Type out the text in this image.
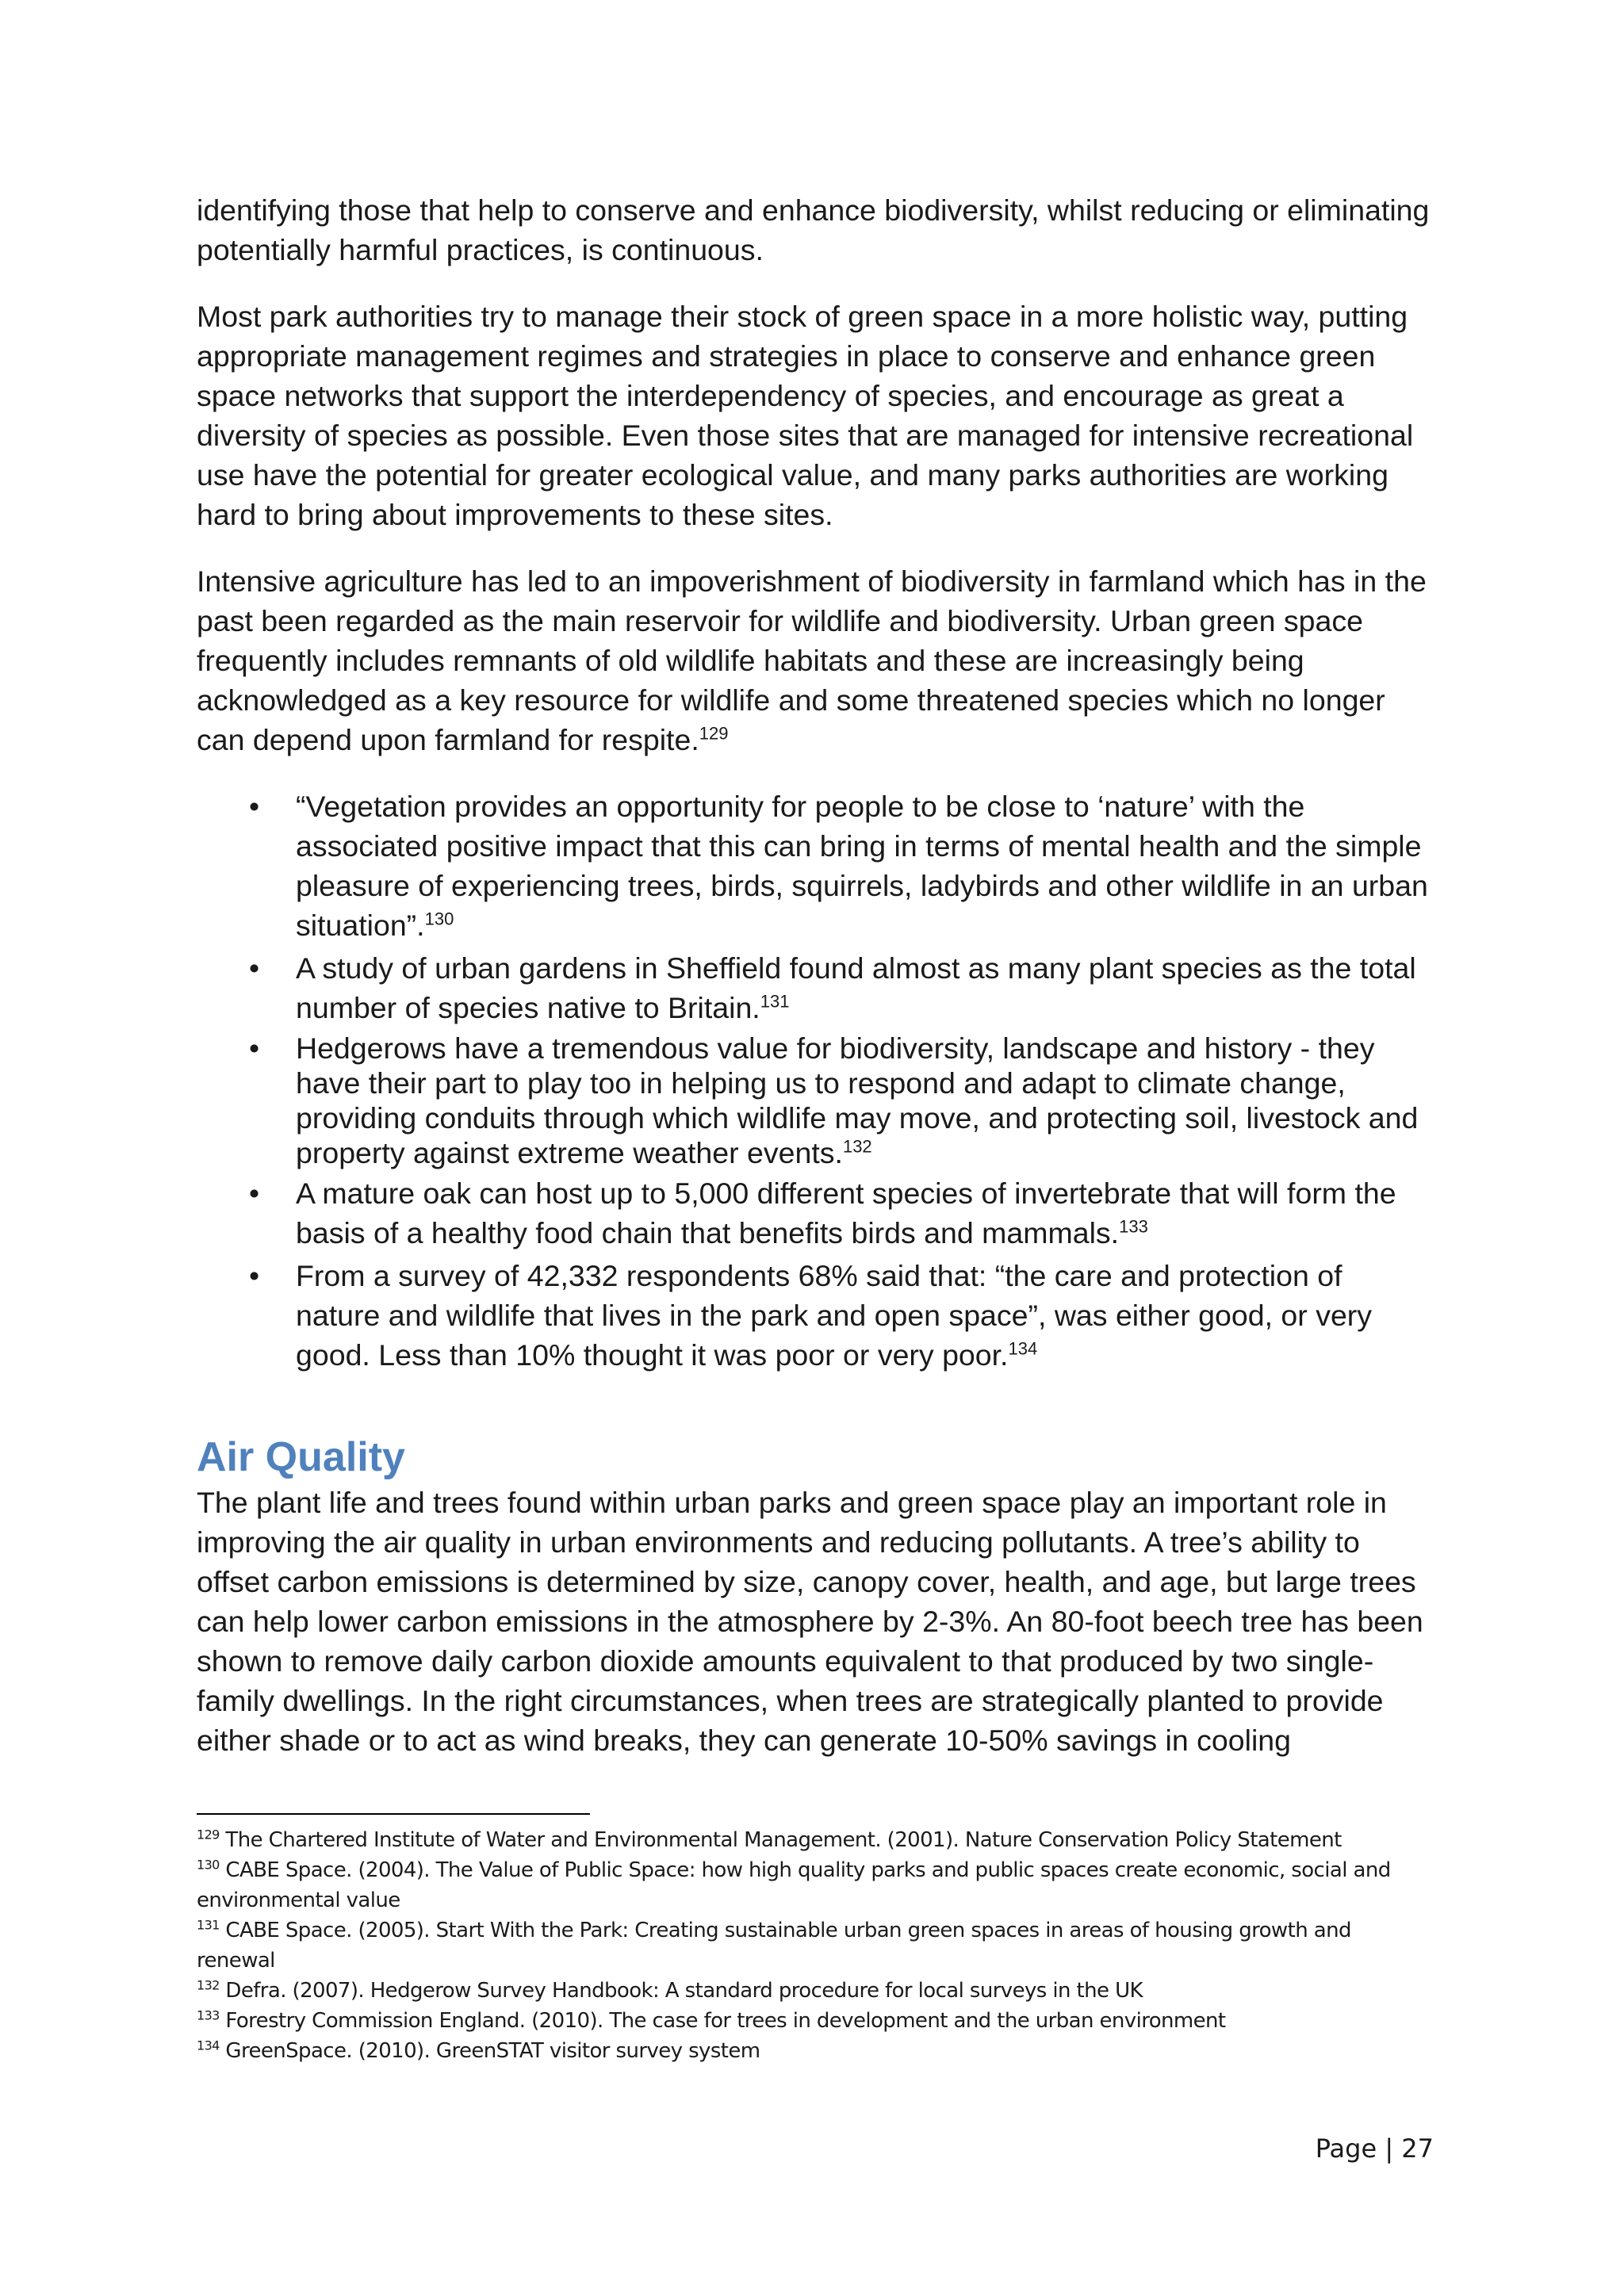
identifying those that help to conserve and enhance biodiversity, whilst reducing or eliminating potentially harmful practices, is continuous.

Most park authorities try to manage their stock of green space in a more holistic way, putting appropriate management regimes and strategies in place to conserve and enhance green space networks that support the interdependency of species, and encourage as great a diversity of species as possible. Even those sites that are managed for intensive recreational use have the potential for greater ecological value, and many parks authorities are working hard to bring about improvements to these sites.

Intensive agriculture has led to an impoverishment of biodiversity in farmland which has in the past been regarded as the main reservoir for wildlife and biodiversity. Urban green space frequently includes remnants of old wildlife habitats and these are increasingly being acknowledged as a key resource for wildlife and some threatened species which no longer can depend upon farmland for respite.$^{129}$

• “Vegetation provides an opportunity for people to be close to ‘nature’ with the associated positive impact that this can bring in terms of mental health and the simple pleasure of experiencing trees, birds, squirrels, ladybirds and other wildlife in an urban situation”.$^{130}$
• A study of urban gardens in Sheffield found almost as many plant species as the total number of species native to Britain.$^{131}$
• Hedgerows have a tremendous value for biodiversity, landscape and history - they have their part to play too in helping us to respond and adapt to climate change, providing conduits through which wildlife may move, and protecting soil, livestock and property against extreme weather events.$^{132}$
• A mature oak can host up to 5,000 different species of invertebrate that will form the basis of a healthy food chain that benefits birds and mammals.$^{133}$
• From a survey of 42,332 respondents 68% said that: “the care and protection of nature and wildlife that lives in the park and open space”, was either good, or very good. Less than 10% thought it was poor or very poor.$^{134}$
Air Quality

The plant life and trees found within urban parks and green space play an important role in improving the air quality in urban environments and reducing pollutants. A tree’s ability to offset carbon emissions is determined by size, canopy cover, health, and age, but large trees can help lower carbon emissions in the atmosphere by 2-3%. An 80-foot beech tree has been shown to remove daily carbon dioxide amounts equivalent to that produced by two single-family dwellings. In the right circumstances, when trees are strategically planted to provide either shade or to act as wind breaks, they can generate 10-50% savings in cooling

$^{129}$ The Chartered Institute of Water and Environmental Management. (2001). Nature Conservation Policy Statement

$^{130}$ CABE Space. (2004). The Value of Public Space: how high quality parks and public spaces create economic, social and environmental value

$^{131}$ CABE Space. (2005). Start With the Park: Creating sustainable urban green spaces in areas of housing growth and renewal

$^{132}$ Defra. (2007). Hedgerow Survey Handbook: A standard procedure for local surveys in the UK

$^{133}$ Forestry Commission England. (2010). The case for trees in development and the urban environment

$^{134}$ GreenSpace. (2010). GreenSTAT visitor survey system

Page | 27
